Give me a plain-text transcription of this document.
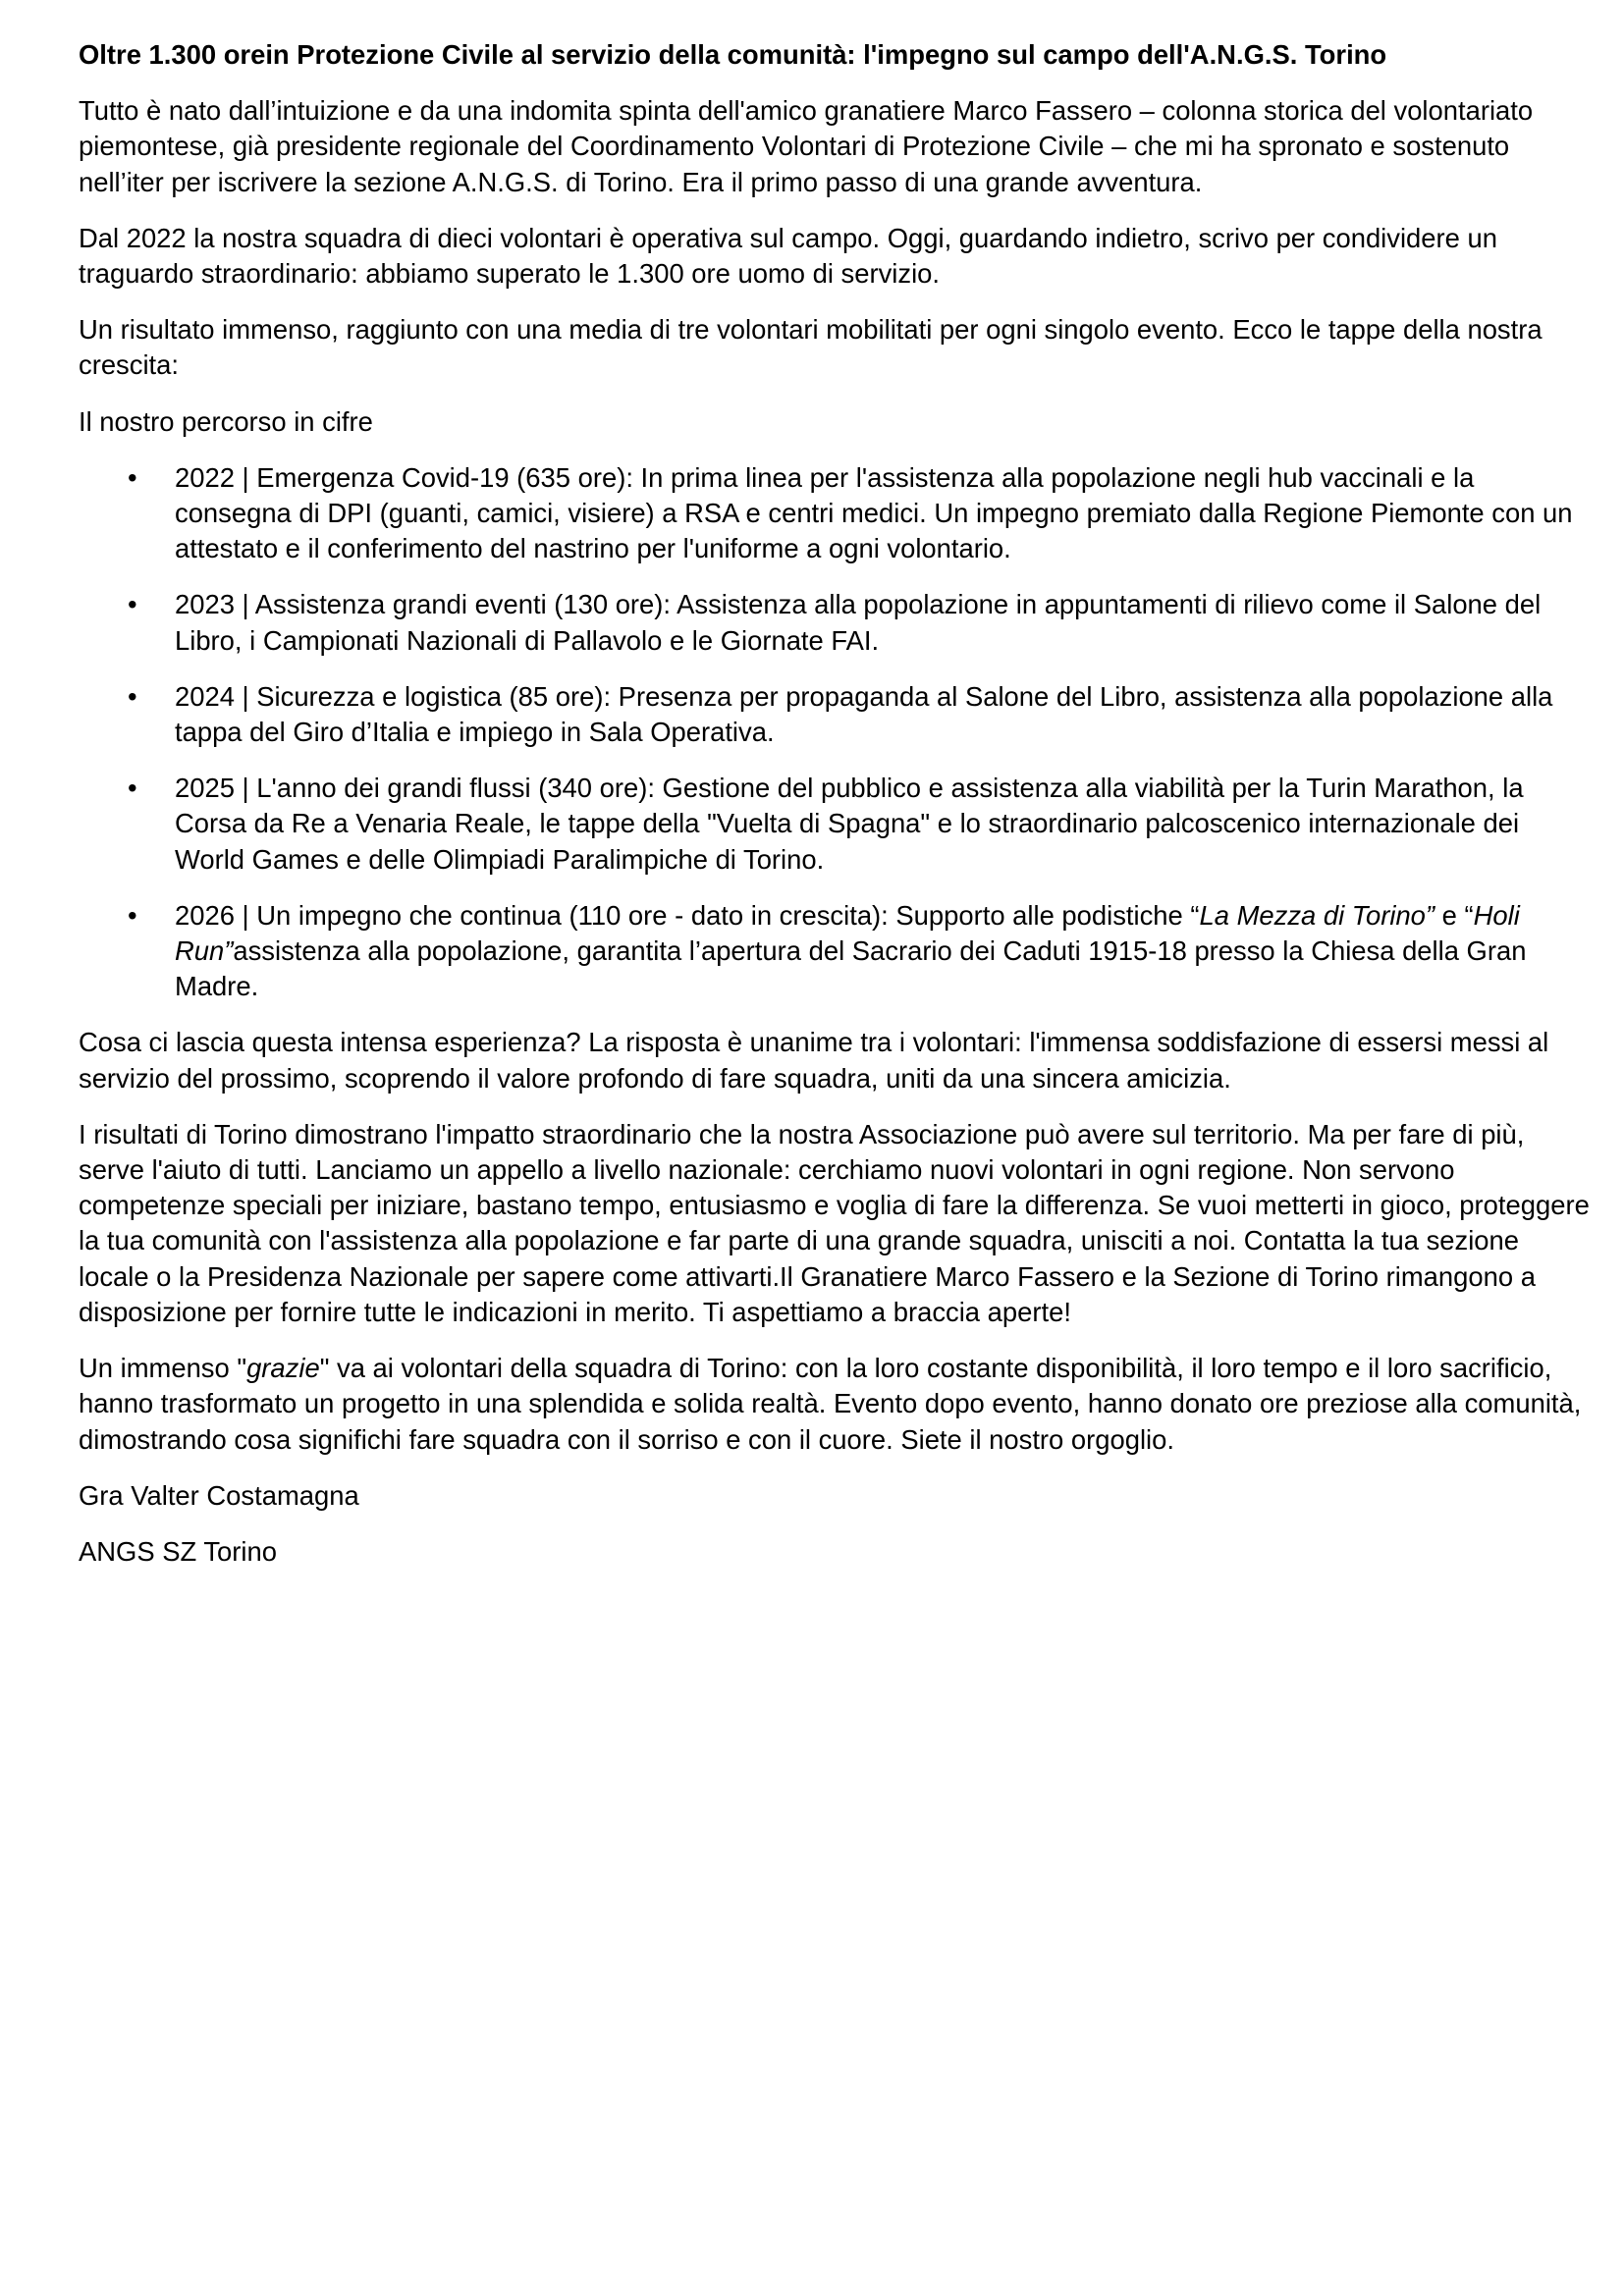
Oltre 1.300 orein Protezione Civile al servizio della comunità: l'impegno sul campo dell'A.N.G.S. Torino

Tutto è nato dall’intuizione e da una indomita spinta dell'amico granatiere Marco Fassero – colonna storica del volontariato piemontese, già presidente regionale del Coordinamento Volontari di Protezione Civile – che mi ha spronato e sostenuto nell’iter per iscrivere la sezione A.N.G.S. di Torino. Era il primo passo di una grande avventura.

Dal 2022 la nostra squadra di dieci volontari è operativa sul campo. Oggi, guardando indietro, scrivo per condividere un traguardo straordinario: abbiamo superato le 1.300 ore uomo di servizio.

Un risultato immenso, raggiunto con una media di tre volontari mobilitati per ogni singolo evento. Ecco le tappe della nostra crescita:

Il nostro percorso in cifre

• 2022 | Emergenza Covid-19 (635 ore): In prima linea per l'assistenza alla popolazione negli hub vaccinali e la consegna di DPI (guanti, camici, visiere) a RSA e centri medici. Un impegno premiato dalla Regione Piemonte con un attestato e il conferimento del nastrino per l'uniforme a ogni volontario.
• 2023 | Assistenza grandi eventi (130 ore): Assistenza alla popolazione in appuntamenti di rilievo come il Salone del Libro, i Campionati Nazionali di Pallavolo e le Giornate FAI.
• 2024 | Sicurezza e logistica (85 ore): Presenza per propaganda al Salone del Libro, assistenza alla popolazione alla tappa del Giro d’Italia e impiego in Sala Operativa.
• 2025 | L'anno dei grandi flussi (340 ore): Gestione del pubblico e assistenza alla viabilità per la Turin Marathon, la Corsa da Re a Venaria Reale, le tappe della "Vuelta di Spagna" e lo straordinario palcoscenico internazionale dei World Games e delle Olimpiadi Paralimpiche di Torino.
• 2026 | Un impegno che continua (110 ore - dato in crescita): Supporto alle podistiche “La Mezza di Torino” e “Holi Run”assistenza alla popolazione, garantita l’apertura del Sacrario dei Caduti 1915-18 presso la Chiesa della Gran Madre.

Cosa ci lascia questa intensa esperienza? La risposta è unanime tra i volontari: l'immensa soddisfazione di essersi messi al servizio del prossimo, scoprendo il valore profondo di fare squadra, uniti da una sincera amicizia.

I risultati di Torino dimostrano l'impatto straordinario che la nostra Associazione può avere sul territorio. Ma per fare di più, serve l'aiuto di tutti. Lanciamo un appello a livello nazionale: cerchiamo nuovi volontari in ogni regione. Non servono competenze speciali per iniziare, bastano tempo, entusiasmo e voglia di fare la differenza. Se vuoi metterti in gioco, proteggere la tua comunità con l'assistenza alla popolazione e far parte di una grande squadra, unisciti a noi. Contatta la tua sezione locale o la Presidenza Nazionale per sapere come attivarti.Il Granatiere Marco Fassero e la Sezione di Torino rimangono a disposizione per fornire tutte le indicazioni in merito. Ti aspettiamo a braccia aperte!

Un immenso "grazie" va ai volontari della squadra di Torino: con la loro costante disponibilità, il loro tempo e il loro sacrificio, hanno trasformato un progetto in una splendida e solida realtà. Evento dopo evento, hanno donato ore preziose alla comunità, dimostrando cosa significhi fare squadra con il sorriso e con il cuore. Siete il nostro orgoglio.

Gra Valter Costamagna

ANGS SZ Torino
